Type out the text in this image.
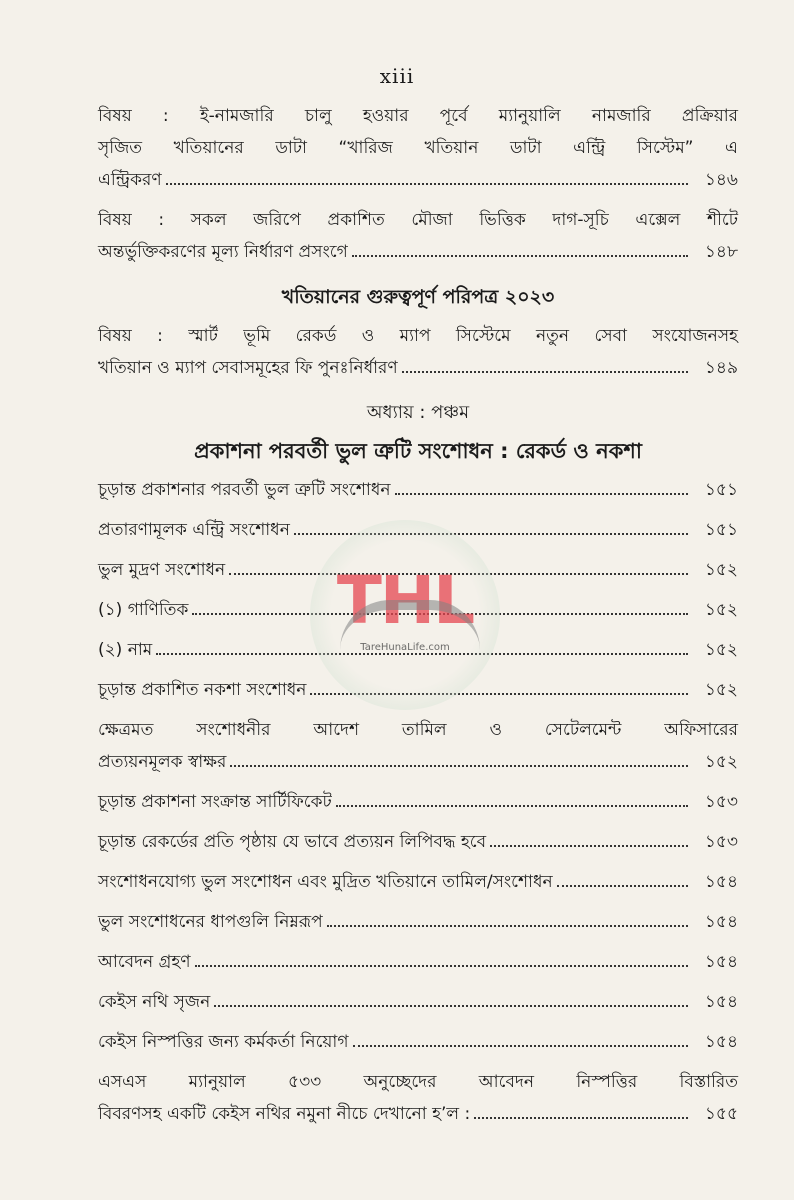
xiii
বিষয় : ই-নামজারি চালু হওয়ার পূর্বে ম্যানুয়ালি নামজারি প্রক্রিয়ার
সৃজিত খতিয়ানের ডাটা “খারিজ খতিয়ান ডাটা এন্ট্রি সিস্টেম” এ
এন্ট্রিকরণ	১৪৬
বিষয় : সকল জরিপে প্রকাশিত মৌজা ভিত্তিক দাগ-সূচি এক্সেল শীটে
অন্তর্ভুক্তিকরণের মূল্য নির্ধারণ প্রসংগে	১৪৮
খতিয়ানের গুরুত্বপূর্ণ পরিপত্র ২০২৩
বিষয় : স্মার্ট ভূমি রেকর্ড ও ম্যাপ সিস্টেমে নতুন সেবা সংযোজনসহ
খতিয়ান ও ম্যাপ সেবাসমূহের ফি পুনঃনির্ধারণ	১৪৯
অধ্যায় : পঞ্চম
প্রকাশনা পরবর্তী ভুল ত্রুটি সংশোধন : রেকর্ড ও নকশা
চূড়ান্ত প্রকাশনার পরবর্তী ভুল ত্রুটি সংশোধন	১৫১
প্রতারণামূলক এন্ট্রি সংশোধন	১৫১
ভুল মুদ্রণ সংশোধন	১৫২
(১) গাণিতিক	১৫২
(২) নাম	১৫২
চূড়ান্ত প্রকাশিত নকশা সংশোধন	১৫২
ক্ষেত্রমত সংশোধনীর আদেশ তামিল ও সেটেলমেন্ট অফিসারের
প্রত্যয়নমূলক স্বাক্ষর	১৫২
চূড়ান্ত প্রকাশনা সংক্রান্ত সার্টিফিকেট	১৫৩
চূড়ান্ত রেকর্ডের প্রতি পৃষ্ঠায় যে ভাবে প্রত্যয়ন লিপিবদ্ধ হবে	১৫৩
সংশোধনযোগ্য ভুল সংশোধন এবং মুদ্রিত খতিয়ানে তামিল/সংশোধন	১৫৪
ভুল সংশোধনের ধাপগুলি নিম্নরূপ	১৫৪
আবেদন গ্রহণ	১৫৪
কেইস নথি সৃজন	১৫৪
কেইস নিস্পত্তির জন্য কর্মকর্তা নিয়োগ	১৫৪
এসএস ম্যানুয়াল ৫৩৩ অনুচ্ছেদের আবেদন নিস্পত্তির বিস্তারিত
বিবরণসহ একটি কেইস নথির নমুনা নীচে দেখানো হ’ল :	১৫৫
THL
TareHunaLife.com
